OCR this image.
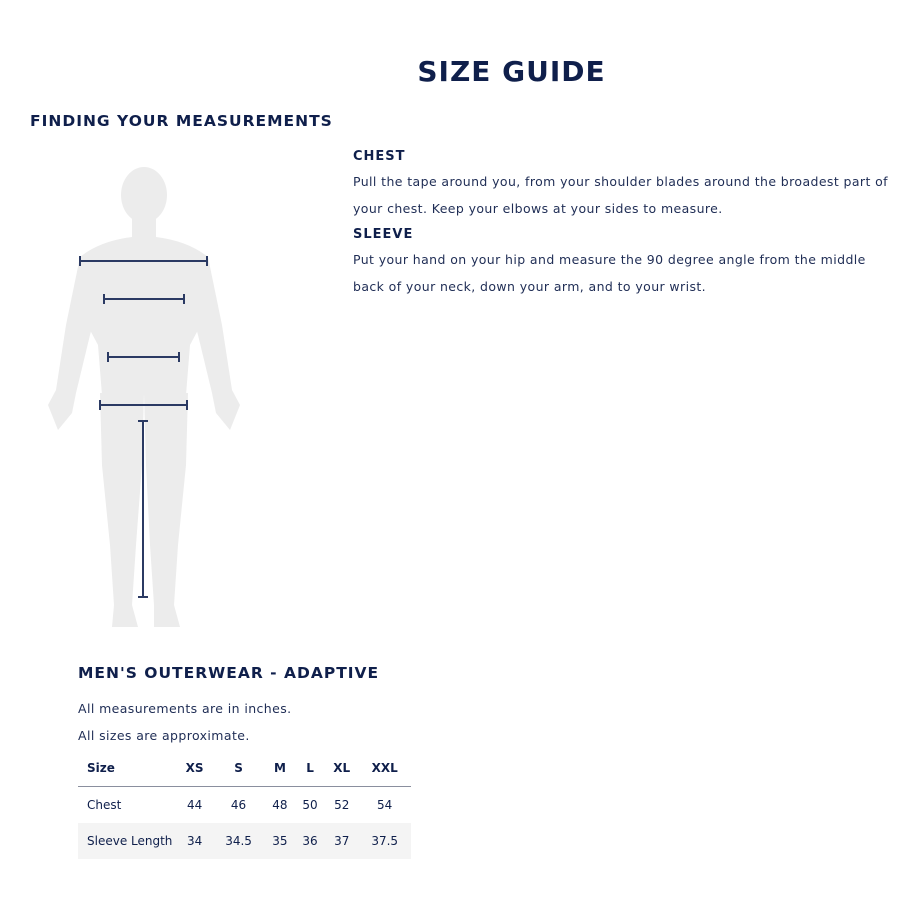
SIZE GUIDE
FINDING YOUR MEASUREMENTS

CHEST

Pull the tape around you, from your shoulder blades around the broadest part of your chest. Keep your elbows at your sides to measure.

SLEEVE

Put your hand on your hip and measure the 90 degree angle from the middle back of your neck, down your arm, and to your wrist.

MEN'S OUTERWEAR - ADAPTIVE
All measurements are in inches.
All sizes are approximate.
Size	XS	S	M	L	XL	XXL
Chest	44	46	48	50	52	54
Sleeve Length	34	34.5	35	36	37	37.5
